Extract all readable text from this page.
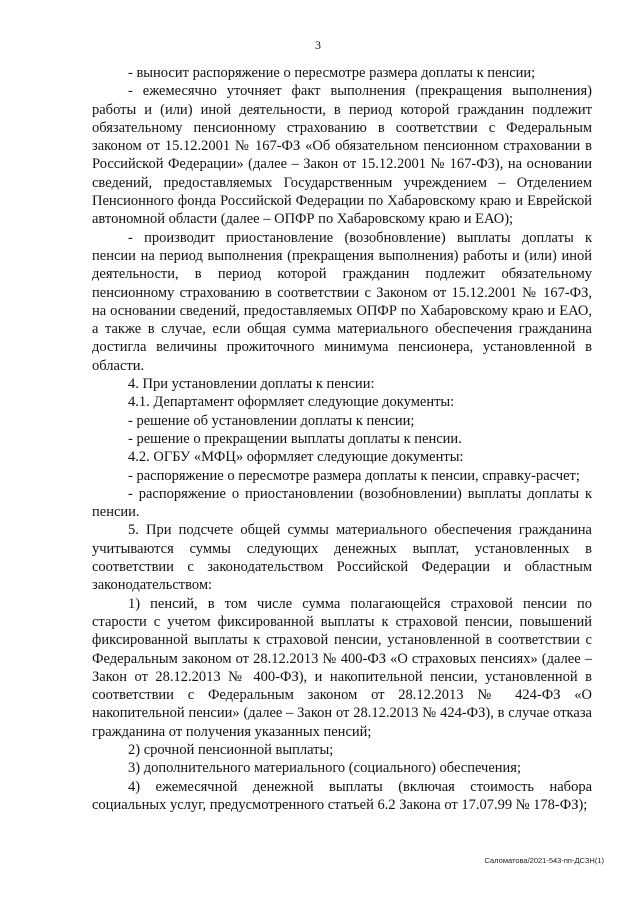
3

- выносит распоряжение о пересмотре размера доплаты к пенсии;

- ежемесячно уточняет факт выполнения (прекращения выполнения) работы и (или) иной деятельности, в период которой гражданин подлежит обязательному пенсионному страхованию в соответствии с Федеральным законом от 15.12.2001 № 167-ФЗ «Об обязательном пенсионном страховании в Российской Федерации» (далее – Закон от 15.12.2001 № 167-ФЗ), на основании сведений, предоставляемых Государственным учреждением – Отделением Пенсионного фонда Российской Федерации по Хабаровскому краю и Еврейской автономной области (далее – ОПФР по Хабаровскому краю и ЕАО);

- производит приостановление (возобновление) выплаты доплаты к пенсии на период выполнения (прекращения выполнения) работы и (или) иной деятельности, в период которой гражданин подлежит обязательному пенсионному страхованию в соответствии с Законом от 15.12.2001 № 167-ФЗ, на основании сведений, предоставляемых ОПФР по Хабаровскому краю и ЕАО, а также в случае, если общая сумма материального обеспечения гражданина достигла величины прожиточного минимума пенсионера, установленной в области.

4. При установлении доплаты к пенсии:

4.1. Департамент оформляет следующие документы:

- решение об установлении доплаты к пенсии;

- решение о прекращении выплаты доплаты к пенсии.

4.2. ОГБУ «МФЦ» оформляет следующие документы:

- распоряжение о пересмотре размера доплаты к пенсии, справку-расчет;

- распоряжение о приостановлении (возобновлении) выплаты доплаты к пенсии.

5. При подсчете общей суммы материального обеспечения гражданина учитываются суммы следующих денежных выплат, установленных в соответствии с законодательством Российской Федерации и областным законодательством:

1) пенсий, в том числе сумма полагающейся страховой пенсии по старости с учетом фиксированной выплаты к страховой пенсии, повышений фиксированной выплаты к страховой пенсии, установленной в соответствии с Федеральным законом от 28.12.2013 № 400-ФЗ «О страховых пенсиях» (далее – Закон от 28.12.2013 № 400-ФЗ), и накопительной пенсии, установленной в соответствии с Федеральным законом от 28.12.2013 № 424-ФЗ «О накопительной пенсии» (далее – Закон от 28.12.2013 № 424-ФЗ), в случае отказа гражданина от получения указанных пенсий;

2) срочной пенсионной выплаты;

3) дополнительного материального (социального) обеспечения;

4) ежемесячной денежной выплаты (включая стоимость набора социальных услуг, предусмотренного статьей 6.2 Закона от 17.07.99 № 178-ФЗ);

Саломатова/2021-543-пп-ДСЗН(1)
